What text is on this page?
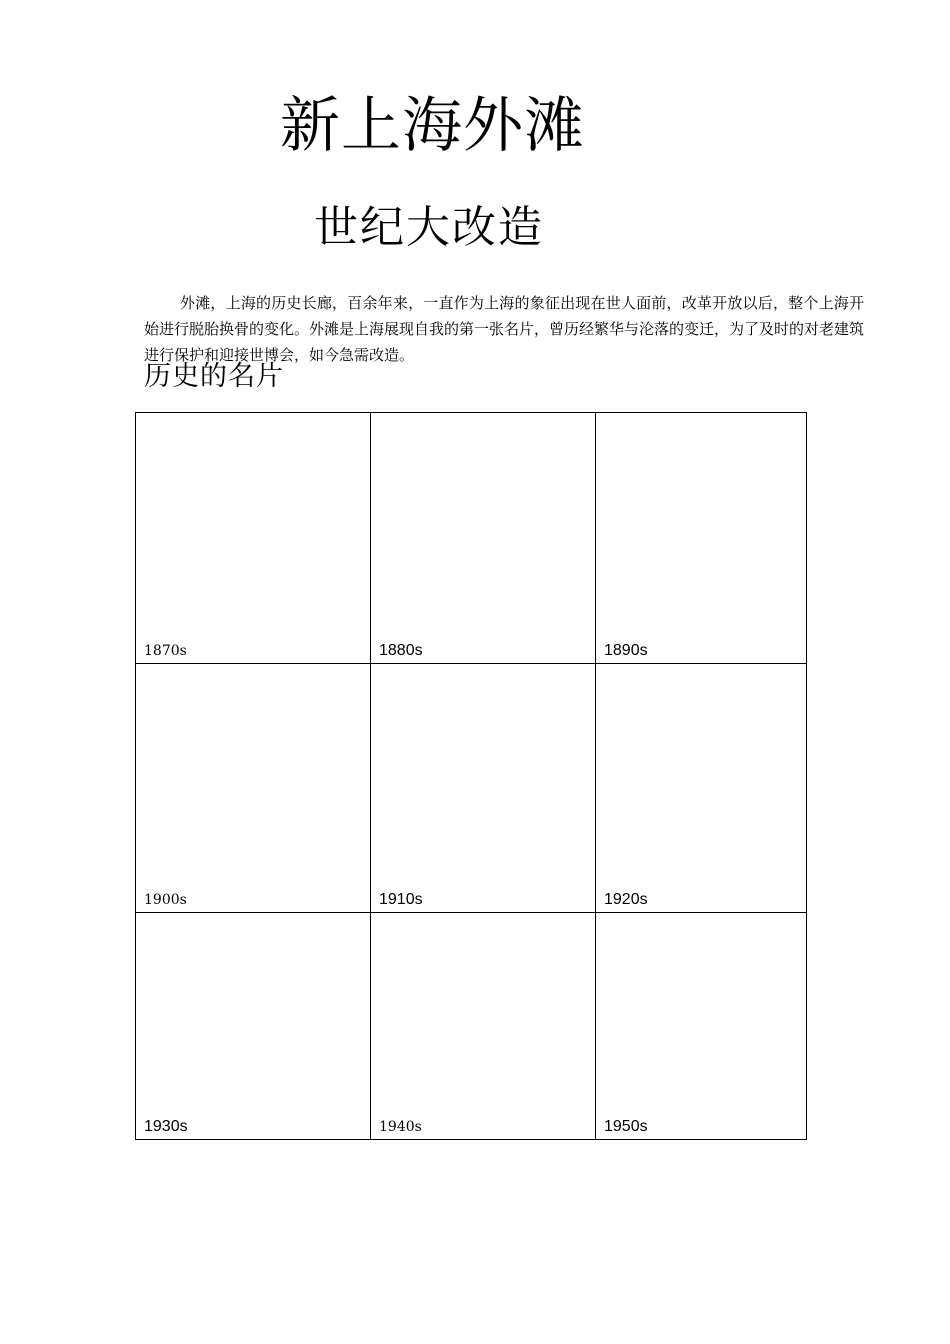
新上海外滩
世纪大改造

外滩，上海的历史长廊，百余年来，一直作为上海的象征出现在世人面前，改革开放以后，整个上海开始进行脱胎换骨的变化。外滩是上海展现自我的第一张名片，曾历经繁华与沦落的变迁，为了及时的对老建筑进行保护和迎接世博会，如今急需改造。

历史的名片
1870s	1880s	1890s

1900s	1910s	1920s

1930s	1940s	1950s
